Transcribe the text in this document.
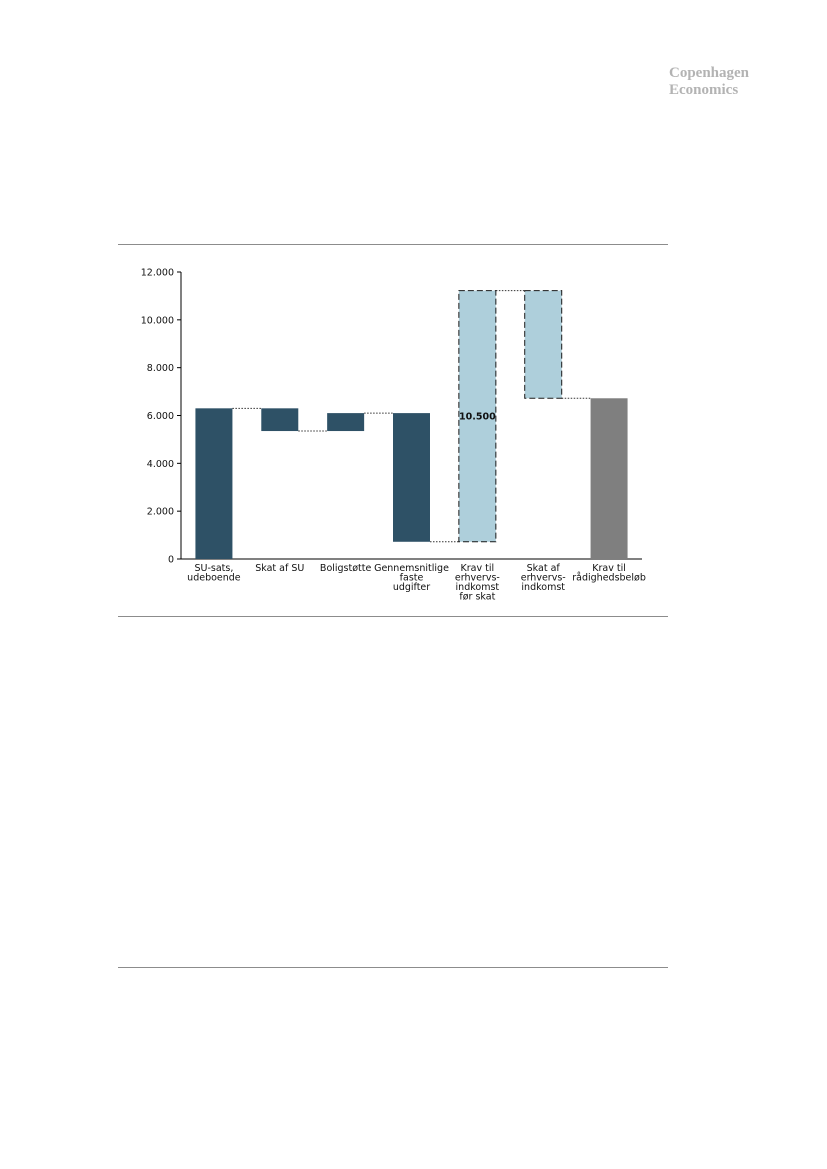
Copenhagen
Economics
0
2.000
4.000
6.000
8.000
10.000
12.000
SU-sats,
udeboende
Skat af SU Boligstøtte Gennemsnitlige
faste
udgifter
Krav til
erhvervs-
indkomst
før skat
10.500
Skat af
erhvervs-
indkomst
Krav til
rådighedsbeløb
